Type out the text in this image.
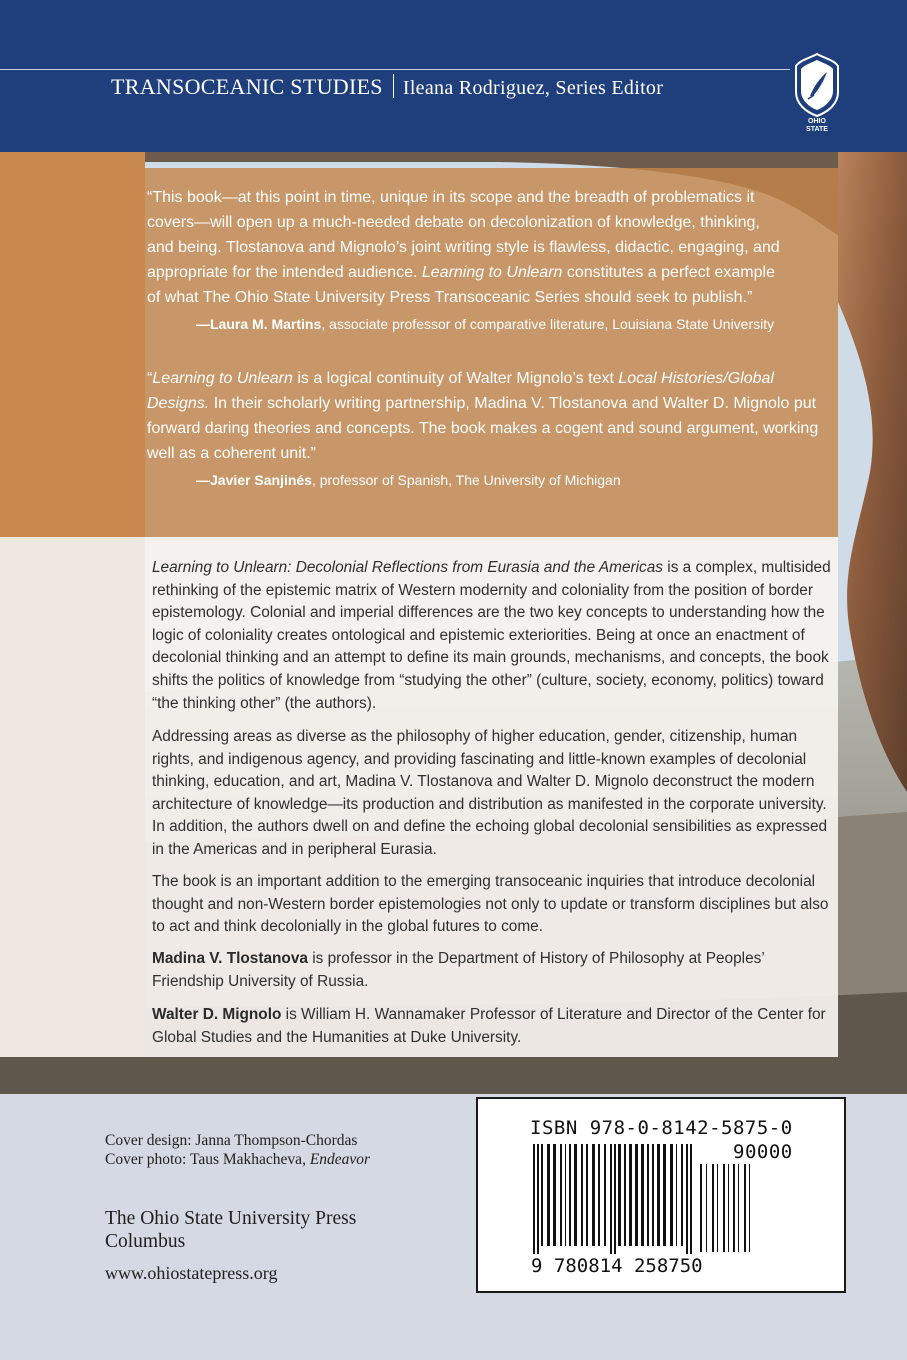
TRANSOCEANIC STUDIES Ileana Rodriguez, Series Editor
OHIO
STATE
“This book—at this point in time, unique in its scope and the breadth of problematics it
covers—will open up a much-needed debate on decolonization of knowledge, thinking,
and being. Tlostanova and Mignolo’s joint writing style is flawless, didactic, engaging, and
appropriate for the intended audience. Learning to Unlearn constitutes a perfect example
of what The Ohio State University Press Transoceanic Series should seek to publish.”
—Laura M. Martins, associate professor of comparative literature, Louisiana State University
“Learning to Unlearn is a logical continuity of Walter Mignolo’s text Local Histories/Global Designs. In their scholarly writing partnership, Madina V. Tlostanova and Walter D. Mignolo put forward daring theories and concepts. The book makes a cogent and sound argument, working well as a coherent unit.”
—Javier Sanjinés, professor of Spanish, The University of Michigan
Learning to Unlearn: Decolonial Reflections from Eurasia and the Americas is a complex, multisided rethinking of the epistemic matrix of Western modernity and coloniality from the position of border epistemology. Colonial and imperial differences are the two key concepts to understanding how the logic of coloniality creates ontological and epistemic exteriorities. Being at once an enactment of decolonial thinking and an attempt to define its main grounds, mechanisms, and concepts, the book shifts the politics of knowledge from “studying the other” (culture, society, economy, politics) toward “the thinking other” (the authors).
Addressing areas as diverse as the philosophy of higher education, gender, citizenship, human rights, and indigenous agency, and providing fascinating and little-known examples of decolonial thinking, education, and art, Madina V. Tlostanova and Walter D. Mignolo deconstruct the modern architecture of knowledge—its production and distribution as manifested in the corporate university. In addition, the authors dwell on and define the echoing global decolonial sensibilities as expressed in the Americas and in peripheral Eurasia.
The book is an important addition to the emerging transoceanic inquiries that introduce decolonial thought and non-Western border epistemologies not only to update or transform disciplines but also to act and think decolonially in the global futures to come.
Madina V. Tlostanova is professor in the Department of History of Philosophy at Peoples’ Friendship University of Russia.
Walter D. Mignolo is William H. Wannamaker Professor of Literature and Director of the Center for Global Studies and the Humanities at Duke University.
Cover design: Janna Thompson-Chordas
Cover photo: Taus Makhacheva, Endeavor
The Ohio State University Press
Columbus
www.ohiostatepress.org
ISBN 978-0-8142-5875-0
90000
9 780814 258750
